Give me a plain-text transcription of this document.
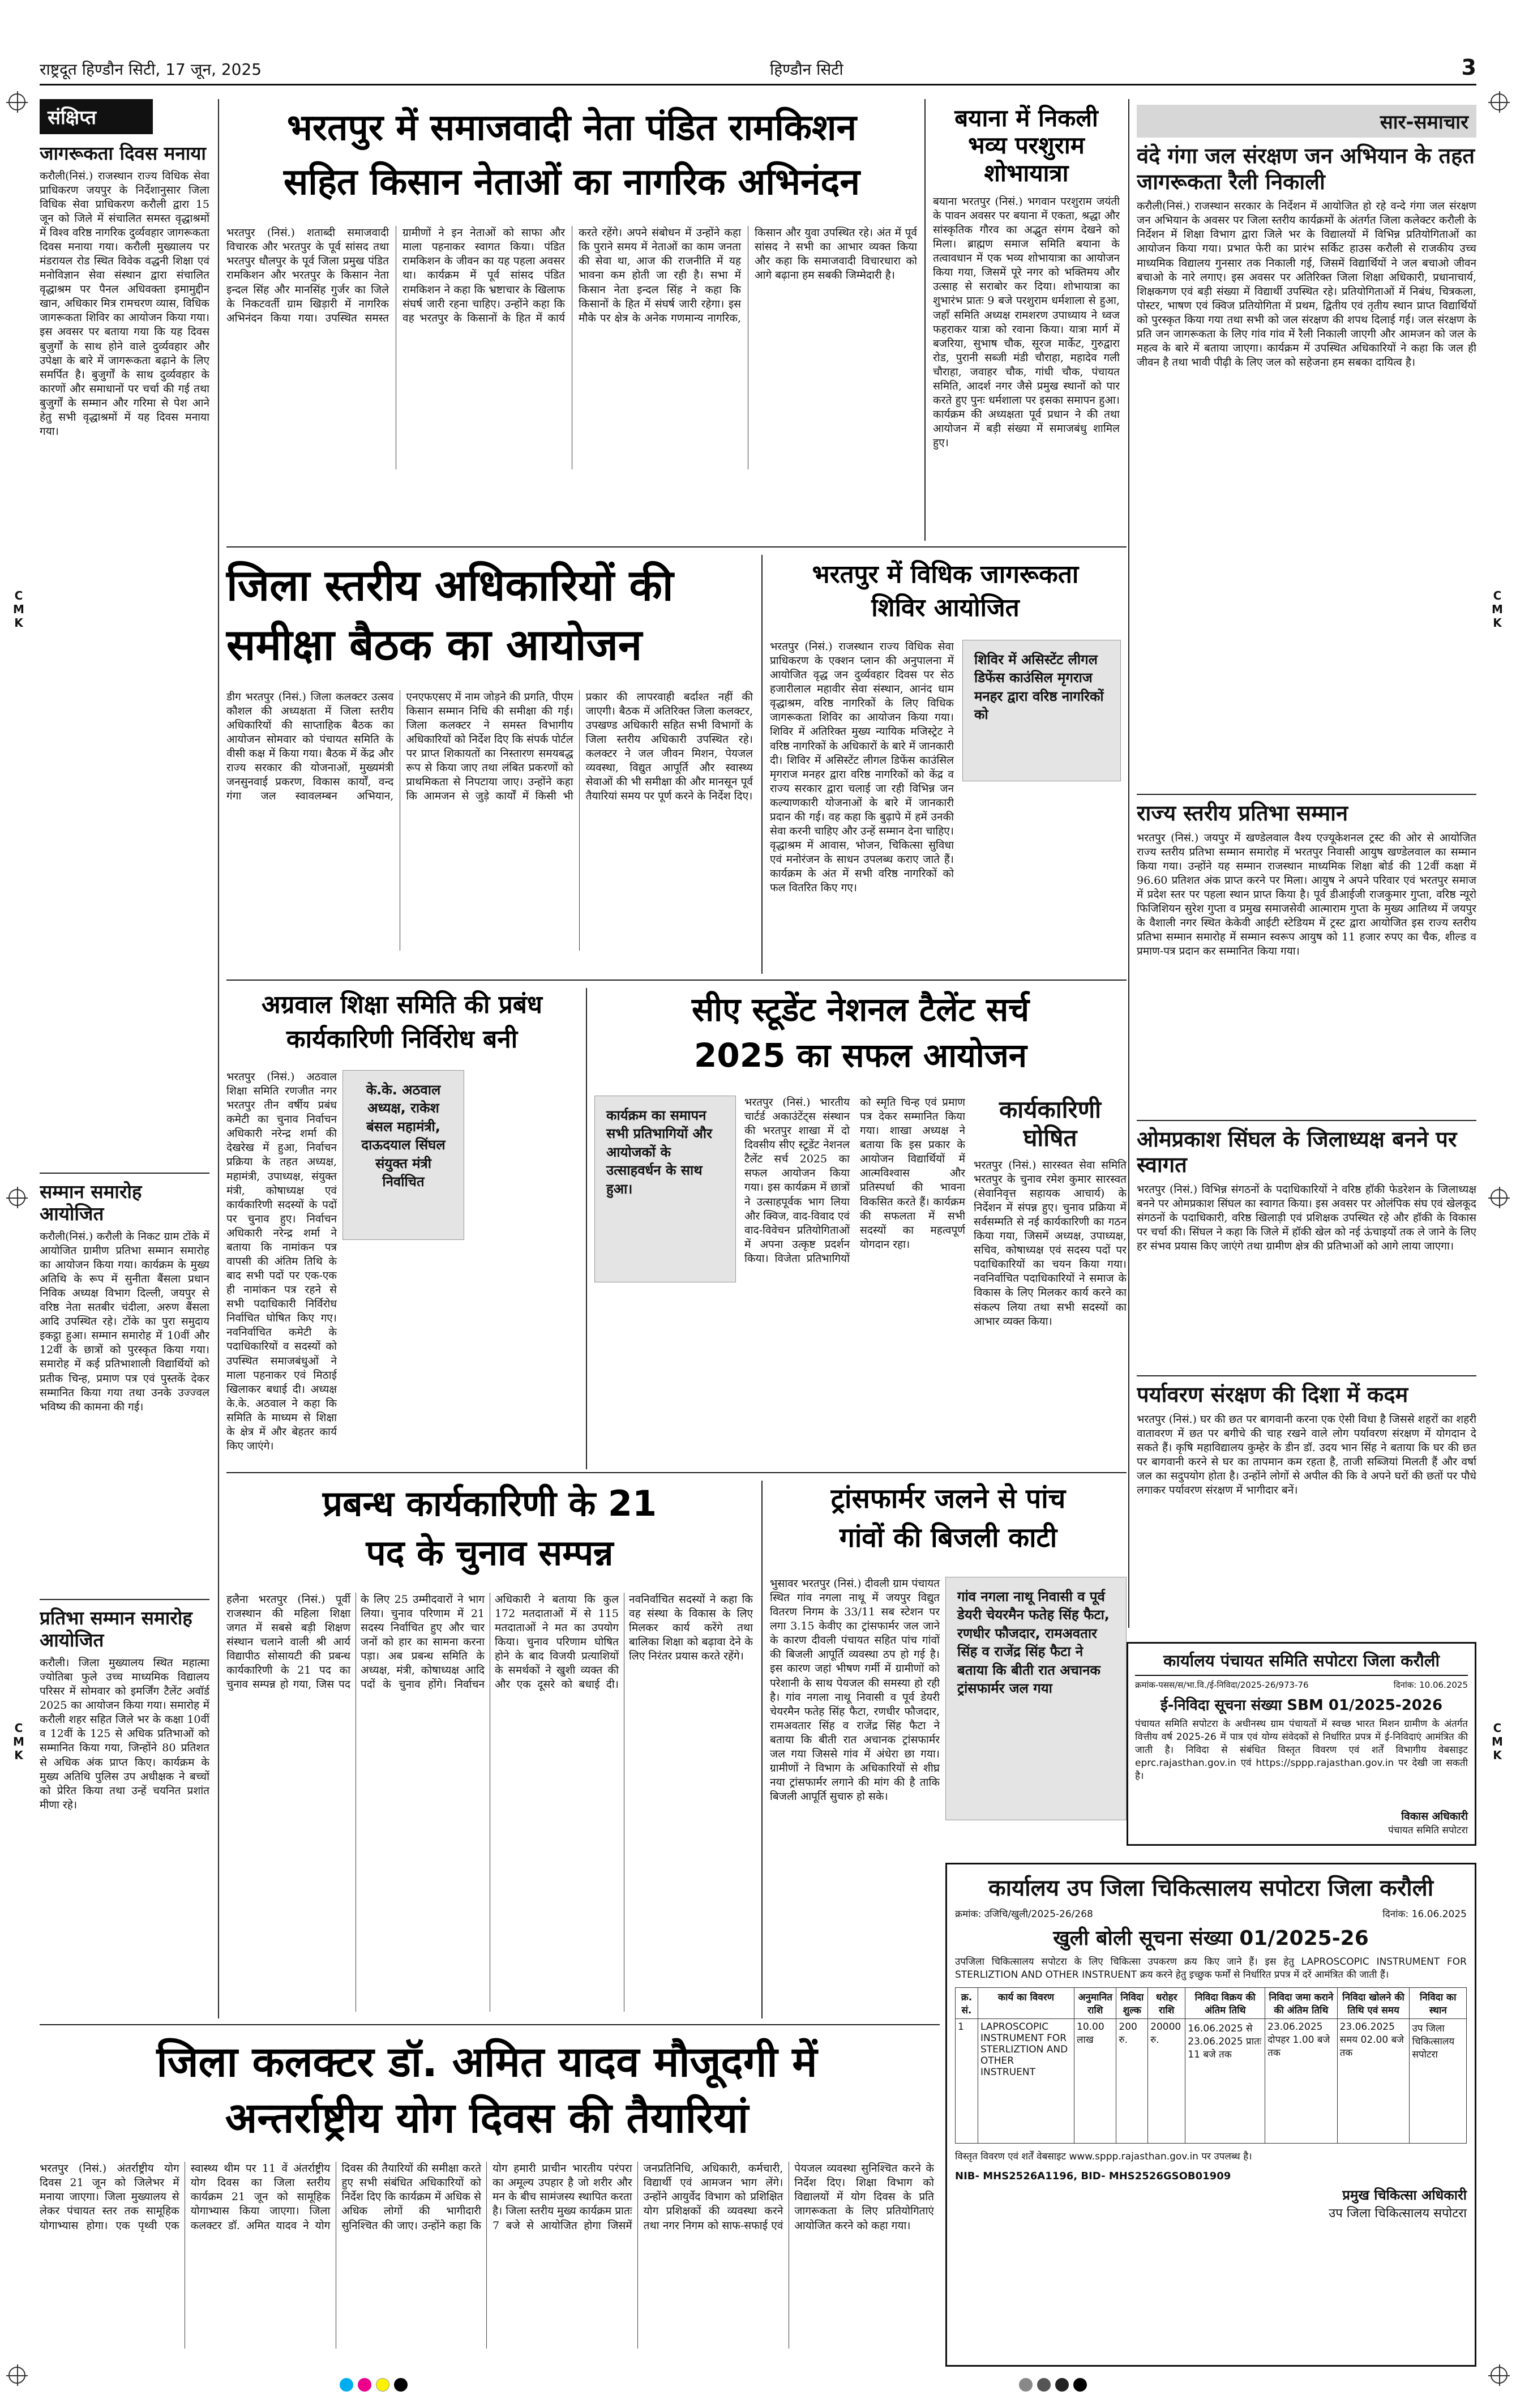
राष्ट्रदूत हिण्डौन सिटी, 17 जून, 2025	हिण्डौन सिटी	3
C
M
K
C
M
K
C
M
K
C
M
K
संक्षिप्त
जागरूकता दिवस मनाया
करौली(निसं.) राजस्थान राज्य विधिक सेवा प्राधिकरण जयपुर के निर्देशानुसार जिला विधिक सेवा प्राधिकरण करौली द्वारा 15 जून को जिले में संचालित समस्त वृद्धाश्रमों में विश्व वरिष्ठ नागरिक दुर्व्यवहार जागरूकता दिवस मनाया गया। करौली मुख्यालय पर मंडरायल रोड स्थित विवेक वद्धनी शिक्षा एवं मनोविज्ञान सेवा संस्थान द्वारा संचालित वृद्धाश्रम पर पैनल अधिवक्ता इमामुद्दीन खान, अधिकार मित्र रामचरण व्यास, विधिक जागरूकता शिविर का आयोजन किया गया। इस अवसर पर बताया गया कि यह दिवस बुजुर्गों के साथ होने वाले दुर्व्यवहार और उपेक्षा के बारे में जागरूकता बढ़ाने के लिए समर्पित है। बुजुर्गों के साथ दुर्व्यवहार के कारणों और समाधानों पर चर्चा की गई तथा बुजुर्गों के सम्मान और गरिमा से पेश आने हेतु सभी वृद्धाश्रमों में यह दिवस मनाया गया।
सम्मान समारोह आयोजित
करौली(निसं.) करौली के निकट ग्राम टोंके में आयोजित ग्रामीण प्रतिभा सम्मान समारोह का आयोजन किया गया। कार्यक्रम के मुख्य अतिथि के रूप में सुनीता बैंसला प्रधान निविक अध्यक्ष विभाग दिल्ली, जयपुर से वरिष्ठ नेता सतबीर चंदीला, अरुण बैंसला आदि उपस्थित रहे। टोंके का पुरा समुदाय इकट्ठा हुआ। सम्मान समारोह में 10वीं और 12वीं के छात्रों को पुरस्कृत किया गया। समारोह में कई प्रतिभाशाली विद्यार्थियों को प्रतीक चिन्ह, प्रमाण पत्र एवं पुस्तकें देकर सम्मानित किया गया तथा उनके उज्ज्वल भविष्य की कामना की गई।
प्रतिभा सम्मान समारोह आयोजित
करौली। जिला मुख्यालय स्थित महात्मा ज्योतिबा फुले उच्च माध्यमिक विद्यालय परिसर में सोमवार को इमर्जिंग टैलेंट अवॉर्ड 2025 का आयोजन किया गया। समारोह में करौली शहर सहित जिले भर के कक्षा 10वीं व 12वीं के 125 से अधिक प्रतिभाओं को सम्मानित किया गया, जिन्होंने 80 प्रतिशत से अधिक अंक प्राप्त किए। कार्यक्रम के मुख्य अतिथि पुलिस उप अधीक्षक ने बच्चों को प्रेरित किया तथा उन्हें चयनित प्रशांत मीणा रहे।
भरतपुर में समाजवादी नेता पंडित रामकिशन
सहित किसान नेताओं का नागरिक अभिनंदन
भरतपुर (निसं.) शताब्दी समाजवादी विचारक और भरतपुर के पूर्व सांसद तथा भरतपुर धौलपुर के पूर्व जिला प्रमुख पंडित रामकिशन और भरतपुर के किसान नेता इन्दल सिंह और मानसिंह गुर्जर का जिले के निकटवर्ती ग्राम खिड़ारी में नागरिक अभिनंदन किया गया। उपस्थित समस्त ग्रामीणों ने इन नेताओं को साफा और माला पहनाकर स्वागत किया। पंडित रामकिशन के जीवन का यह पहला अवसर था। कार्यक्रम में पूर्व सांसद पंडित रामकिशन ने कहा कि भ्रष्टाचार के खिलाफ संघर्ष जारी रहना चाहिए। उन्होंने कहा कि वह भरतपुर के किसानों के हित में कार्य करते रहेंगे। अपने संबोधन में उन्होंने कहा कि पुराने समय में नेताओं का काम जनता की सेवा था, आज की राजनीति में यह भावना कम होती जा रही है। सभा में किसान नेता इन्दल सिंह ने कहा कि किसानों के हित में संघर्ष जारी रहेगा। इस मौके पर क्षेत्र के अनेक गणमान्य नागरिक, किसान और युवा उपस्थित रहे। अंत में पूर्व सांसद ने सभी का आभार व्यक्त किया और कहा कि समाजवादी विचारधारा को आगे बढ़ाना हम सबकी जिम्मेदारी है।
बयाना में निकली भव्य परशुराम शोभायात्रा
बयाना भरतपुर (निसं.) भगवान परशुराम जयंती के पावन अवसर पर बयाना में एकता, श्रद्धा और सांस्कृतिक गौरव का अद्भुत संगम देखने को मिला। ब्राह्मण समाज समिति बयाना के तत्वावधान में एक भव्य शोभायात्रा का आयोजन किया गया, जिसमें पूरे नगर को भक्तिमय और उत्साह से सराबोर कर दिया। शोभायात्रा का शुभारंभ प्रातः 9 बजे परशुराम धर्मशाला से हुआ, जहाँ समिति अध्यक्ष रामशरण उपाध्याय ने ध्वज फहराकर यात्रा को रवाना किया। यात्रा मार्ग में बजरिया, सुभाष चौक, सूरज मार्केट, गुरुद्वारा रोड, पुरानी सब्जी मंडी चौराहा, महादेव गली चौराहा, जवाहर चौक, गांधी चौक, पंचायत समिति, आदर्श नगर जैसे प्रमुख स्थानों को पार करते हुए पुनः धर्मशाला पर इसका समापन हुआ। कार्यक्रम की अध्यक्षता पूर्व प्रधान ने की तथा आयोजन में बड़ी संख्या में समाजबंधु शामिल हुए।
सार-समाचार
वंदे गंगा जल संरक्षण जन अभियान के तहत जागरूकता रैली निकाली
करौली(निसं.) राजस्थान सरकार के निर्देशन में आयोजित हो रहे वन्दे गंगा जल संरक्षण जन अभियान के अवसर पर जिला स्तरीय कार्यक्रमों के अंतर्गत जिला कलेक्टर करौली के निर्देशन में शिक्षा विभाग द्वारा जिले भर के विद्यालयों में विभिन्न प्रतियोगिताओं का आयोजन किया गया। प्रभात फेरी का प्रारंभ सर्किट हाउस करौली से राजकीय उच्च माध्यमिक विद्यालय गुनसार तक निकाली गई, जिसमें विद्यार्थियों ने जल बचाओ जीवन बचाओ के नारे लगाए। इस अवसर पर अतिरिक्त जिला शिक्षा अधिकारी, प्रधानाचार्य, शिक्षकगण एवं बड़ी संख्या में विद्यार्थी उपस्थित रहे। प्रतियोगिताओं में निबंध, चित्रकला, पोस्टर, भाषण एवं क्विज प्रतियोगिता में प्रथम, द्वितीय एवं तृतीय स्थान प्राप्त विद्यार्थियों को पुरस्कृत किया गया तथा सभी को जल संरक्षण की शपथ दिलाई गई। जल संरक्षण के प्रति जन जागरूकता के लिए गांव गांव में रैली निकाली जाएगी और आमजन को जल के महत्व के बारे में बताया जाएगा। कार्यक्रम में उपस्थित अधिकारियों ने कहा कि जल ही जीवन है तथा भावी पीढ़ी के लिए जल को सहेजना हम सबका दायित्व है।
राज्य स्तरीय प्रतिभा सम्मान
भरतपुर (निसं.) जयपुर में खण्डेलवाल वैश्य एज्यूकेशनल ट्रस्ट की ओर से आयोजित राज्य स्तरीय प्रतिभा सम्मान समारोह में भरतपुर निवासी आयुष खण्डेलवाल का सम्मान किया गया। उन्होंने यह सम्मान राजस्थान माध्यमिक शिक्षा बोर्ड की 12वीं कक्षा में 96.60 प्रतिशत अंक प्राप्त करने पर मिला। आयुष ने अपने परिवार एवं भरतपुर समाज में प्रदेश स्तर पर पहला स्थान प्राप्त किया है। पूर्व डीआईजी राजकुमार गुप्ता, वरिष्ठ न्यूरो फिजिशियन सुरेश गुप्ता व प्रमुख समाजसेवी आत्माराम गुप्ता के मुख्य आतिथ्य में जयपुर के वैशाली नगर स्थित केकेवी आईटी स्टेडियम में ट्रस्ट द्वारा आयोजित इस राज्य स्तरीय प्रतिभा सम्मान समारोह में सम्मान स्वरूप आयुष को 11 हजार रुपए का चैक, शील्ड व प्रमाण-पत्र प्रदान कर सम्मानित किया गया।
ओमप्रकाश सिंघल के जिलाध्यक्ष बनने पर स्वागत
भरतपुर (निसं.) विभिन्न संगठनों के पदाधिकारियों ने वरिष्ठ हॉकी फेडरेशन के जिलाध्यक्ष बनने पर ओमप्रकाश सिंघल का स्वागत किया। इस अवसर पर ओलंपिक संघ एवं खेलकूद संगठनों के पदाधिकारी, वरिष्ठ खिलाड़ी एवं प्रशिक्षक उपस्थित रहे और हॉकी के विकास पर चर्चा की। सिंघल ने कहा कि जिले में हॉकी खेल को नई ऊंचाइयों तक ले जाने के लिए हर संभव प्रयास किए जाएंगे तथा ग्रामीण क्षेत्र की प्रतिभाओं को आगे लाया जाएगा।
पर्यावरण संरक्षण की दिशा में कदम
भरतपुर (निसं.) घर की छत पर बागवानी करना एक ऐसी विधा है जिससे शहरों का शहरी वातावरण में छत पर बगीचे की चाह रखने वाले लोग पर्यावरण संरक्षण में योगदान दे सकते हैं। कृषि महाविद्यालय कुम्हेर के डीन डॉ. उदय भान सिंह ने बताया कि घर की छत पर बागवानी करने से घर का तापमान कम रहता है, ताजी सब्जियां मिलती हैं और वर्षा जल का सदुपयोग होता है। उन्होंने लोगों से अपील की कि वे अपने घरों की छतों पर पौधे लगाकर पर्यावरण संरक्षण में भागीदार बनें।
जिला स्तरीय अधिकारियों की
समीक्षा बैठक का आयोजन
डीग भरतपुर (निसं.) जिला कलक्टर उत्सव कौशल की अध्यक्षता में जिला स्तरीय अधिकारियों की साप्ताहिक बैठक का आयोजन सोमवार को पंचायत समिति के वीसी कक्ष में किया गया। बैठक में केंद्र और राज्य सरकार की योजनाओं, मुख्यमंत्री जनसुनवाई प्रकरण, विकास कार्यों, वन्द गंगा जल स्वावलम्बन अभियान, एनएफएसए में नाम जोड़ने की प्रगति, पीएम किसान सम्मान निधि की समीक्षा की गई। जिला कलक्टर ने समस्त विभागीय अधिकारियों को निर्देश दिए कि संपर्क पोर्टल पर प्राप्त शिकायतों का निस्तारण समयबद्ध रूप से किया जाए तथा लंबित प्रकरणों को प्राथमिकता से निपटाया जाए। उन्होंने कहा कि आमजन से जुड़े कार्यों में किसी भी प्रकार की लापरवाही बर्दाश्त नहीं की जाएगी। बैठक में अतिरिक्त जिला कलक्टर, उपखण्ड अधिकारी सहित सभी विभागों के जिला स्तरीय अधिकारी उपस्थित रहे। कलक्टर ने जल जीवन मिशन, पेयजल व्यवस्था, विद्युत आपूर्ति और स्वास्थ्य सेवाओं की भी समीक्षा की और मानसून पूर्व तैयारियां समय पर पूर्ण करने के निर्देश दिए।
भरतपुर में विधिक जागरूकता
शिविर आयोजित
शिविर में असिस्टेंट लीगल डिफेंस काउंसिल मृगराज मनहर द्वारा वरिष्ठ नागरिकों को
भरतपुर (निसं.) राजस्थान राज्य विधिक सेवा प्राधिकरण के एक्शन प्लान की अनुपालना में आयोजित वृद्ध जन दुर्व्यवहार दिवस पर सेठ हजारीलाल महावीर सेवा संस्थान, आनंद धाम वृद्धाश्रम, वरिष्ठ नागरिकों के लिए विधिक जागरूकता शिविर का आयोजन किया गया। शिविर में अतिरिक्त मुख्य न्यायिक मजिस्ट्रेट ने वरिष्ठ नागरिकों के अधिकारों के बारे में जानकारी दी। शिविर में असिस्टेंट लीगल डिफेंस काउंसिल मृगराज मनहर द्वारा वरिष्ठ नागरिकों को केंद्र व राज्य सरकार द्वारा चलाई जा रही विभिन्न जन कल्याणकारी योजनाओं के बारे में जानकारी प्रदान की गई। वह कहा कि बुढ़ापे में हमें उनकी सेवा करनी चाहिए और उन्हें सम्मान देना चाहिए। वृद्धाश्रम में आवास, भोजन, चिकित्सा सुविधा एवं मनोरंजन के साधन उपलब्ध कराए जाते हैं। कार्यक्रम के अंत में सभी वरिष्ठ नागरिकों को फल वितरित किए गए।
अग्रवाल शिक्षा समिति की प्रबंध
कार्यकारिणी निर्विरोध बनी
के.के. अठवाल अध्यक्ष, राकेश बंसल महामंत्री, दाऊदयाल सिंघल संयुक्त मंत्री निर्वाचित
भरतपुर (निसं.) अठवाल शिक्षा समिति रणजीत नगर भरतपुर तीन वर्षीय प्रबंध कमेटी का चुनाव निर्वाचन अधिकारी नरेन्द्र शर्मा की देखरेख में हुआ, निर्वाचन प्रक्रिया के तहत अध्यक्ष, महामंत्री, उपाध्यक्ष, संयुक्त मंत्री, कोषाध्यक्ष एवं कार्यकारिणी सदस्यों के पदों पर चुनाव हुए। निर्वाचन अधिकारी नरेन्द्र शर्मा ने बताया कि नामांकन पत्र वापसी की अंतिम तिथि के बाद सभी पदों पर एक-एक ही नामांकन पत्र रहने से सभी पदाधिकारी निर्विरोध निर्वाचित घोषित किए गए। नवनिर्वाचित कमेटी के पदाधिकारियों व सदस्यों को उपस्थित समाजबंधुओं ने माला पहनाकर एवं मिठाई खिलाकर बधाई दी। अध्यक्ष के.के. अठवाल ने कहा कि समिति के माध्यम से शिक्षा के क्षेत्र में और बेहतर कार्य किए जाएंगे।
सीए स्टूडेंट नेशनल टैलेंट सर्च
2025 का सफल आयोजन
कार्यक्रम का समापन सभी प्रतिभागियों और आयोजकों के उत्साहवर्धन के साथ हुआ।
भरतपुर (निसं.) भारतीय चार्टर्ड अकाउंटेंट्स संस्थान की भरतपुर शाखा में दो दिवसीय सीए स्टूडेंट नेशनल टैलेंट सर्च 2025 का सफल आयोजन किया गया। इस कार्यक्रम में छात्रों ने उत्साहपूर्वक भाग लिया और क्विज, वाद-विवाद एवं वाद-विवेचन प्रतियोगिताओं में अपना उत्कृष्ट प्रदर्शन किया। विजेता प्रतिभागियों को स्मृति चिन्ह एवं प्रमाण पत्र देकर सम्मानित किया गया। शाखा अध्यक्ष ने बताया कि इस प्रकार के आयोजन विद्यार्थियों में आत्मविश्वास और प्रतिस्पर्धा की भावना विकसित करते हैं। कार्यक्रम की सफलता में सभी सदस्यों का महत्वपूर्ण योगदान रहा।
कार्यकारिणी घोषित
भरतपुर (निसं.) सारस्वत सेवा समिति भरतपुर के चुनाव रमेश कुमार सारस्वत (सेवानिवृत्त सहायक आचार्य) के निर्देशन में संपन्न हुए। चुनाव प्रक्रिया में सर्वसम्मति से नई कार्यकारिणी का गठन किया गया, जिसमें अध्यक्ष, उपाध्यक्ष, सचिव, कोषाध्यक्ष एवं सदस्य पदों पर पदाधिकारियों का चयन किया गया। नवनिर्वाचित पदाधिकारियों ने समाज के विकास के लिए मिलकर कार्य करने का संकल्प लिया तथा सभी सदस्यों का आभार व्यक्त किया।
प्रबन्ध कार्यकारिणी के 21
पद के चुनाव सम्पन्न
हलैना भरतपुर (निसं.) पूर्वी राजस्थान की महिला शिक्षा जगत में सबसे बड़ी शिक्षण संस्थान चलाने वाली श्री आर्य विद्यापीठ सोसायटी की प्रबन्ध कार्यकारिणी के 21 पद का चुनाव सम्पन्न हो गया, जिस पद के लिए 25 उम्मीदवारों ने भाग लिया। चुनाव परिणाम में 21 सदस्य निर्वाचित हुए और चार जनों को हार का सामना करना पड़ा। अब प्रबन्ध समिति के अध्यक्ष, मंत्री, कोषाध्यक्ष आदि पदों के चुनाव होंगे। निर्वाचन अधिकारी ने बताया कि कुल 172 मतदाताओं में से 115 मतदाताओं ने मत का उपयोग किया। चुनाव परिणाम घोषित होने के बाद विजयी प्रत्याशियों के समर्थकों ने खुशी व्यक्त की और एक दूसरे को बधाई दी। नवनिर्वाचित सदस्यों ने कहा कि वह संस्था के विकास के लिए मिलकर कार्य करेंगे तथा बालिका शिक्षा को बढ़ावा देने के लिए निरंतर प्रयास करते रहेंगे।
ट्रांसफार्मर जलने से पांच
गांवों की बिजली काटी
भुसावर भरतपुर (निसं.) दीवली ग्राम पंचायत स्थित गांव नगला नाथू में जयपुर विद्युत वितरण निगम के 33/11 सब स्टेशन पर लगा 3.15 केवीए का ट्रांसफार्मर जल जाने के कारण दीवली पंचायत सहित पांच गांवों की बिजली आपूर्ति व्यवस्था ठप हो गई है। इस कारण जहां भीषण गर्मी में ग्रामीणों को परेशानी के साथ पेयजल की समस्या हो रही है। गांव नगला नाथू निवासी व पूर्व डेयरी चेयरमैन फतेह सिंह फैटा, रणधीर फौजदार, रामअवतार सिंह व राजेंद्र सिंह फैटा ने बताया कि बीती रात अचानक ट्रांसफार्मर जल गया जिससे गांव में अंधेरा छा गया। ग्रामीणों ने विभाग के अधिकारियों से शीघ्र नया ट्रांसफार्मर लगाने की मांग की है ताकि बिजली आपूर्ति सुचारु हो सके।
गांव नगला नाथू निवासी व पूर्व डेयरी चेयरमैन फतेह सिंह फैटा, रणधीर फौजदार, रामअवतार सिंह व राजेंद्र सिंह फैटा ने बताया कि बीती रात अचानक ट्रांसफार्मर जल गया
कार्यालय पंचायत समिति सपोटरा जिला करौली
क्रमांक-पसस/स/भा.वि./ई-निविदा/2025-26/973-76	दिनांक: 10.06.2025
ई-निविदा सूचना संख्या SBM 01/2025-2026
पंचायत समिति सपोटरा के अधीनस्थ ग्राम पंचायतों में स्वच्छ भारत मिशन ग्रामीण के अंतर्गत वित्तीय वर्ष 2025-26 में पात्र एवं योग्य संवेदकों से निर्धारित प्रपत्र में ई-निविदाएं आमंत्रित की जाती है। निविदा से संबंधित विस्तृत विवरण एवं शर्तें विभागीय वेबसाइट eprc.rajasthan.gov.in एवं https://sppp.rajasthan.gov.in पर देखी जा सकती है।
विकास अधिकारी
पंचायत समिति सपोटरा
जिला कलक्टर डॉ. अमित यादव मौजूदगी में
अन्तर्राष्ट्रीय योग दिवस की तैयारियां
भरतपुर (निसं.) अंतर्राष्ट्रीय योग दिवस 21 जून को जिलेभर में मनाया जाएगा। जिला मुख्यालय से लेकर पंचायत स्तर तक सामूहिक योगाभ्यास होगा। एक पृथ्वी एक स्वास्थ्य थीम पर 11 वें अंतर्राष्ट्रीय योग दिवस का जिला स्तरीय कार्यक्रम 21 जून को सामूहिक योगाभ्यास किया जाएगा। जिला कलक्टर डॉ. अमित यादव ने योग दिवस की तैयारियों की समीक्षा करते हुए सभी संबंधित अधिकारियों को निर्देश दिए कि कार्यक्रम में अधिक से अधिक लोगों की भागीदारी सुनिश्चित की जाए। उन्होंने कहा कि योग हमारी प्राचीन भारतीय परंपरा का अमूल्य उपहार है जो शरीर और मन के बीच सामंजस्य स्थापित करता है। जिला स्तरीय मुख्य कार्यक्रम प्रातः 7 बजे से आयोजित होगा जिसमें जनप्रतिनिधि, अधिकारी, कर्मचारी, विद्यार्थी एवं आमजन भाग लेंगे। उन्होंने आयुर्वेद विभाग को प्रशिक्षित योग प्रशिक्षकों की व्यवस्था करने तथा नगर निगम को साफ-सफाई एवं पेयजल व्यवस्था सुनिश्चित करने के निर्देश दिए। शिक्षा विभाग को विद्यालयों में योग दिवस के प्रति जागरूकता के लिए प्रतियोगिताएं आयोजित करने को कहा गया।
कार्यालय उप जिला चिकित्सालय सपोटरा जिला करौली
क्रमांक: उजिचि/खुली/2025-26/268	दिनांक: 16.06.2025
खुली बोली सूचना संख्या 01/2025-26
उपजिला चिकित्सालय सपोटरा के लिए चिकित्सा उपकरण क्रय किए जाने हैं। इस हेतु LAPROSCOPIC INSTRUMENT FOR STERLIZTION AND OTHER INSTRUENT क्रय करने हेतु इच्छुक फर्मों से निर्धारित प्रपत्र में दरें आमंत्रित की जाती हैं।
क्र. सं.	कार्य का विवरण	अनुमानित राशि	निविदा शुल्क	धरोहर राशि	निविदा विक्रय की अंतिम तिथि	निविदा जमा कराने की अंतिम तिथि	निविदा खोलने की तिथि एवं समय	निविदा का स्थान
1	LAPROSCOPIC INSTRUMENT FOR STERLIZTION AND OTHER INSTRUENT	10.00 लाख	200 रु.	20000 रु.	16.06.2025 से 23.06.2025 प्रातः 11 बजे तक	23.06.2025 दोपहर 1.00 बजे तक	23.06.2025 समय 02.00 बजे तक	उप जिला चिकित्सालय सपोटरा
विस्तृत विवरण एवं शर्तें वेबसाइट www.sppp.rajasthan.gov.in पर उपलब्ध है।
NIB- MHS2526A1196, BID- MHS2526GSOB01909
प्रमुख चिकित्सा अधिकारी
उप जिला चिकित्सालय सपोटरा
